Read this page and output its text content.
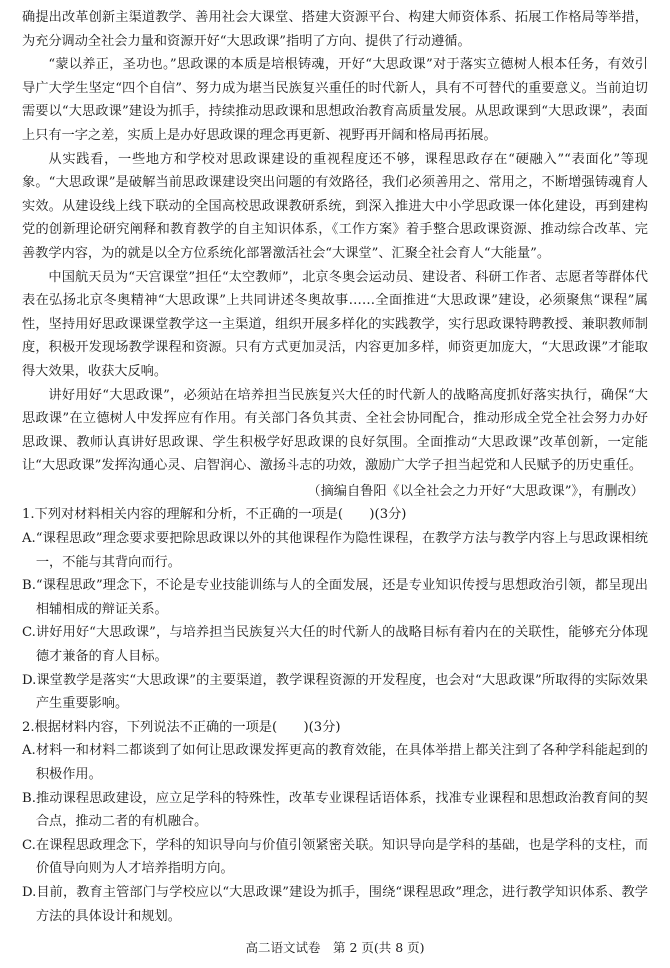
确提出改革创新主渠道教学、善用社会大课堂、搭建大资源平台、构建大师资体系、拓展工作格局等举措，为充分调动全社会力量和资源开好“大思政课”指明了方向、提供了行动遵循。

“蒙以养正，圣功也。”思政课的本质是培根铸魂，开好“大思政课”对于落实立德树人根本任务，有效引导广大学生坚定“四个自信”、努力成为堪当民族复兴重任的时代新人，具有不可替代的重要意义。当前迫切需要以“大思政课”建设为抓手，持续推动思政课和思想政治教育高质量发展。从思政课到“大思政课”，表面上只有一字之差，实质上是办好思政课的理念再更新、视野再开阔和格局再拓展。

从实践看，一些地方和学校对思政课建设的重视程度还不够，课程思政存在“硬融入”“表面化”等现象。“大思政课”是破解当前思政课建设突出问题的有效路径，我们必须善用之、常用之，不断增强铸魂育人实效。从建设线上线下联动的全国高校思政课教研系统，到深入推进大中小学思政课一体化建设，再到建构党的创新理论研究阐释和教育教学的自主知识体系，《工作方案》着手整合思政课资源、推动综合改革、完善教学内容，为的就是以全方位系统化部署激活社会“大课堂”、汇聚全社会育人“大能量”。

中国航天员为“天宫课堂”担任“太空教师”，北京冬奥会运动员、建设者、科研工作者、志愿者等群体代表在弘扬北京冬奥精神“大思政课”上共同讲述冬奥故事……全面推进“大思政课”建设，必须聚焦“课程”属性，坚持用好思政课课堂教学这一主渠道，组织开展多样化的实践教学，实行思政课特聘教授、兼职教师制度，积极开发现场教学课程和资源。只有方式更加灵活，内容更加多样，师资更加庞大，“大思政课”才能取得大效果，收获大反响。

讲好用好“大思政课”，必须站在培养担当民族复兴大任的时代新人的战略高度抓好落实执行，确保“大思政课”在立德树人中发挥应有作用。有关部门各负其责、全社会协同配合，推动形成全党全社会努力办好思政课、教师认真讲好思政课、学生积极学好思政课的良好氛围。全面推动“大思政课”改革创新，一定能让“大思政课”发挥沟通心灵、启智润心、激扬斗志的功效，激励广大学子担当起党和人民赋予的历史重任。

（摘编自鲁阳《以全社会之力开好“大思政课”》，有删改）

1.下列对材料相关内容的理解和分析，不正确的一项是(　　)(3分)

A.“课程思政”理念要求要把除思政课以外的其他课程作为隐性课程，在教学方法与教学内容上与思政课相统一，不能与其背向而行。

B.“课程思政”理念下，不论是专业技能训练与人的全面发展，还是专业知识传授与思想政治引领，都呈现出相辅相成的辩证关系。

C.讲好用好“大思政课”，与培养担当民族复兴大任的时代新人的战略目标有着内在的关联性，能够充分体现德才兼备的育人目标。

D.课堂教学是落实“大思政课”的主要渠道，教学课程资源的开发程度，也会对“大思政课”所取得的实际效果产生重要影响。

2.根据材料内容，下列说法不正确的一项是(　　)(3分)

A.材料一和材料二都谈到了如何让思政课发挥更高的教育效能，在具体举措上都关注到了各种学科能起到的积极作用。

B.推动课程思政建设，应立足学科的特殊性，改革专业课程话语体系，找准专业课程和思想政治教育间的契合点，推动二者的有机融合。

C.在课程思政理念下，学科的知识导向与价值引领紧密关联。知识导向是学科的基础，也是学科的支柱，而价值导向则为人才培养指明方向。

D.目前，教育主管部门与学校应以“大思政课”建设为抓手，围绕“课程思政”理念，进行教学知识体系、教学方法的具体设计和规划。

高二语文试卷　第 2 页(共 8 页)
